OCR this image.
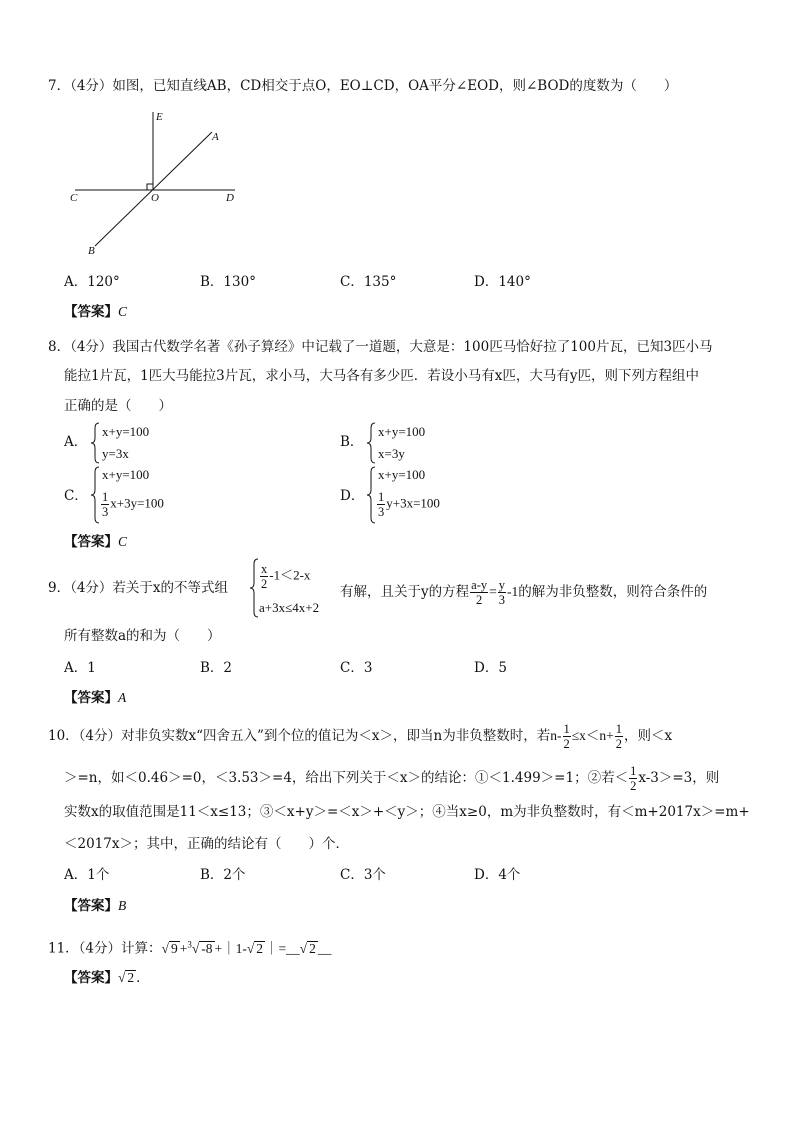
7．（4分）如图，已知直线AB，CD相交于点O，EO⊥CD，OA平分∠EOD，则∠BOD的度数为（　　）
E
A
C	O	D
B
A．120°	B．130°	C．135°	D．140°
【答案】C
8．（4分）我国古代数学名著《孙子算经》中记载了一道题，大意是：100匹马恰好拉了100片瓦，已知3匹小马
能拉1片瓦，1匹大马能拉3片瓦，求小马，大马各有多少匹．若设小马有x匹，大马有y匹，则下列方程组中
正确的是（　　）
A．
x+y=100
y=3x
B．
x+y=100
x=3y
C．
x+y=100
$\frac{1}{3} x+3y=100$	D．
x+y=100
$\frac{1}{3} y+3x=100$
【答案】C
9．（4分）若关于x的不等式组	$\frac{x}{2} -1<2-x$
a+3x≤4x+2
有解，且关于y的方程 $\frac{a-y}{2} = \frac{y}{3} -1$的解为非负整数，则符合条件的
所有整数a的和为（　　）
A．1	B．2	C．3	D．5
【答案】A
10．（4分）对非负实数x“四舍五入”到个位的值记为＜x＞，即当n为非负整数时，若$n- \frac{1}{2} \le x<n+ \frac{1}{2}$ ，则＜x
＞=n，如＜0.46＞=0，＜3.53＞=4，给出下列关于＜x＞的结论：①＜1.499＞=1；②若＜ $\frac{1}{2} x-3>=3$，则
实数x的取值范围是11＜x≤13；③＜x+y＞=＜x＞+＜y＞；④当x≥0，m为非负整数时，有＜m+2017x＞=m+
＜2017x＞；其中，正确的结论有（　　）个．
A．1个	B．2个	C．3个	D．4个
【答案】B
11．（4分）计算：√ 9 +$^3$√ -8 +｜1-√ 2 ｜=__√ 2 __
【答案】√ 2 ．
